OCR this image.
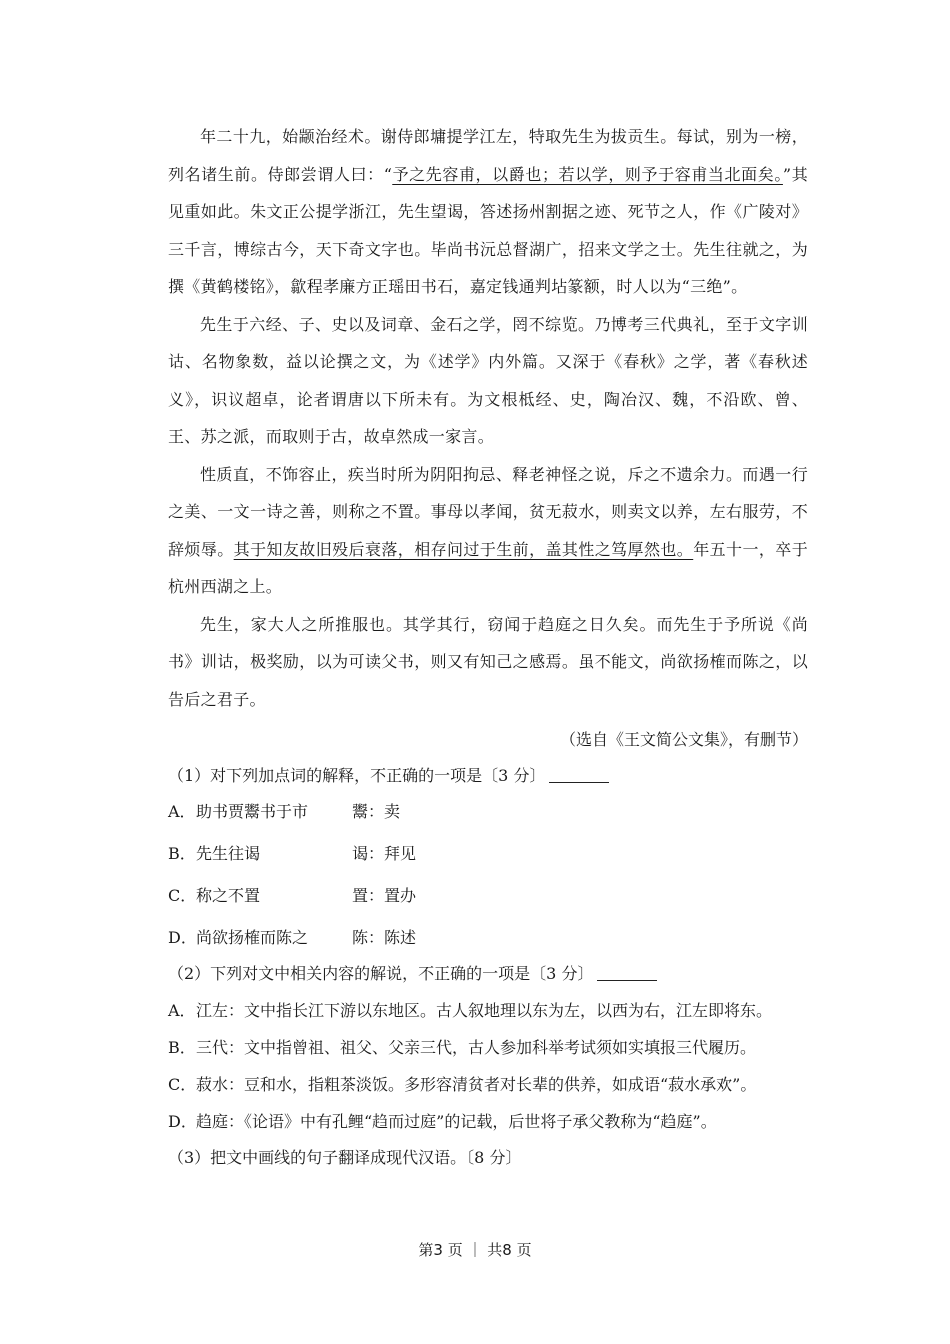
年二十九，始颛治经术。谢侍郎墉提学江左，特取先生为拔贡生。每试，别为一榜，列名诸生前。侍郎尝谓人曰：“予之先容甫，以爵也；若以学，则予于容甫当北面矣。”其见重如此。朱文正公提学浙江，先生望谒，答述扬州割据之迹、死节之人，作《广陵对》三千言，博综古今，天下奇文字也。毕尚书沅总督湖广，招来文学之士。先生往就之，为撰《黄鹤楼铭》，歙程孝廉方正瑶田书石，嘉定钱通判坫篆额，时人以为“三绝”。

先生于六经、子、史以及词章、金石之学，罔不综览。乃博考三代典礼，至于文字训诂、名物象数，益以论撰之文，为《述学》内外篇。又深于《春秋》之学，著《春秋述义》，识议超卓，论者谓唐以下所未有。为文根柢经、史，陶冶汉、魏，不沿欧、曾、王、苏之派，而取则于古，故卓然成一家言。

性质直，不饰容止，疾当时所为阴阳拘忌、释老神怪之说，斥之不遗余力。而遇一行之美、一文一诗之善，则称之不置。事母以孝闻，贫无菽水，则卖文以养，左右服劳，不辞烦辱。其于知友故旧殁后衰落，相存问过于生前，盖其性之笃厚然也。年五十一，卒于杭州西湖之上。

先生，家大人之所推服也。其学其行，窃闻于趋庭之日久矣。而先生于予所说《尚书》训诂，极奖励，以为可读父书，则又有知己之感焉。虽不能文，尚欲扬榷而陈之，以告后之君子。

（选自《王文简公文集》，有删节）
（1）对下列加点词的解释，不正确的一项是〔3 分〕
A． 助书贾鬻书于市	鬻：卖
B． 先生往谒	谒：拜见
C． 称之不置	置：置办
D． 尚欲扬榷而陈之	陈：陈述
（2）下列对文中相关内容的解说，不正确的一项是〔3 分〕
A．江左：文中指长江下游以东地区。古人叙地理以东为左，以西为右，江左即将东。
B．三代：文中指曾祖、祖父、父亲三代，古人参加科举考试须如实填报三代履历。
C．菽水：豆和水，指粗茶淡饭。多形容清贫者对长辈的供养，如成语“菽水承欢”。
D．趋庭：《论语》中有孔鲤“趋而过庭”的记载，后世将子承父教称为“趋庭”。
（3）把文中画线的句子翻译成现代汉语。〔8 分〕
第3 页 ｜ 共8 页
